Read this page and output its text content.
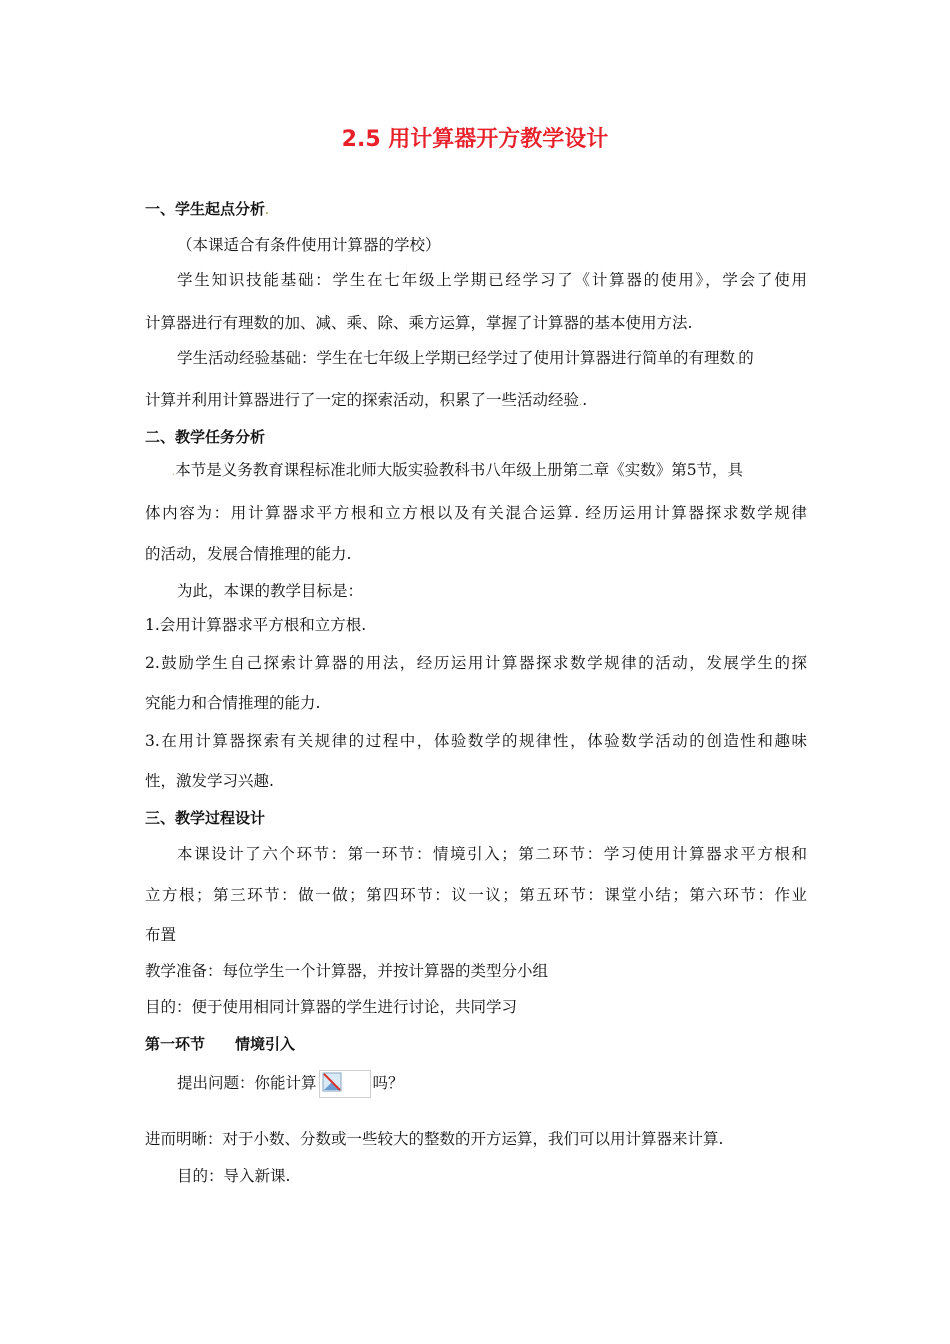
2.5 用计算器开方教学设计
一、学生起点分析.
（本课适合有条件使用计算器的学校）
学生知识技能基础：学生在七年级上学期已经学习了《计算器的使用》，学会了使用
计算器进行有理数的加、减、乘、除、乘方运算，掌握了计算器的基本使用方法.
学生活动经验基础：学生在七年级上学期已经学过了使用计算器进行简单的有理数.的
计算并利用计算器进行了一定的探索活动，积累了一些活动经验..
二、教学任务分析
.本节是义务教育课程标准北师大版实验教科书八年级上册第二章《实数》第5节，具
体内容为：用计算器求平方根和立方根以及有关混合运算. 经历运用计算器探求数学规律
的活动，发展合情推理的能力.
为此，本课的教学目标是：
1.会用计算器求平方根和立方根.
2.鼓励学生自己探索计算器的用法，经历运用计算器探求数学规律的活动，发展学生的探
究能力和合情推理的能力.
3.在用计算器探索有关规律的过程中，体验数学的规律性，体验数学活动的创造性和趣味
性，激发学习兴趣.
三、教学过程设计
本课设计了六个环节：第一环节：情境引入；第二环节：学习使用计算器求平方根和
立方根；第三环节：做一做；第四环节：议一议；第五环节：课堂小结；第六环节：作业
布置
教学准备：每位学生一个计算器，并按计算器的类型分小组
目的：便于使用相同计算器的学生进行讨论，共同学习
第一环节　　情境引入
提出问题：你能计算	吗？
进而明晰：对于小数、分数或一些较大的整数的开方运算，我们可以用计算器来计算.
目的：导入新课.
